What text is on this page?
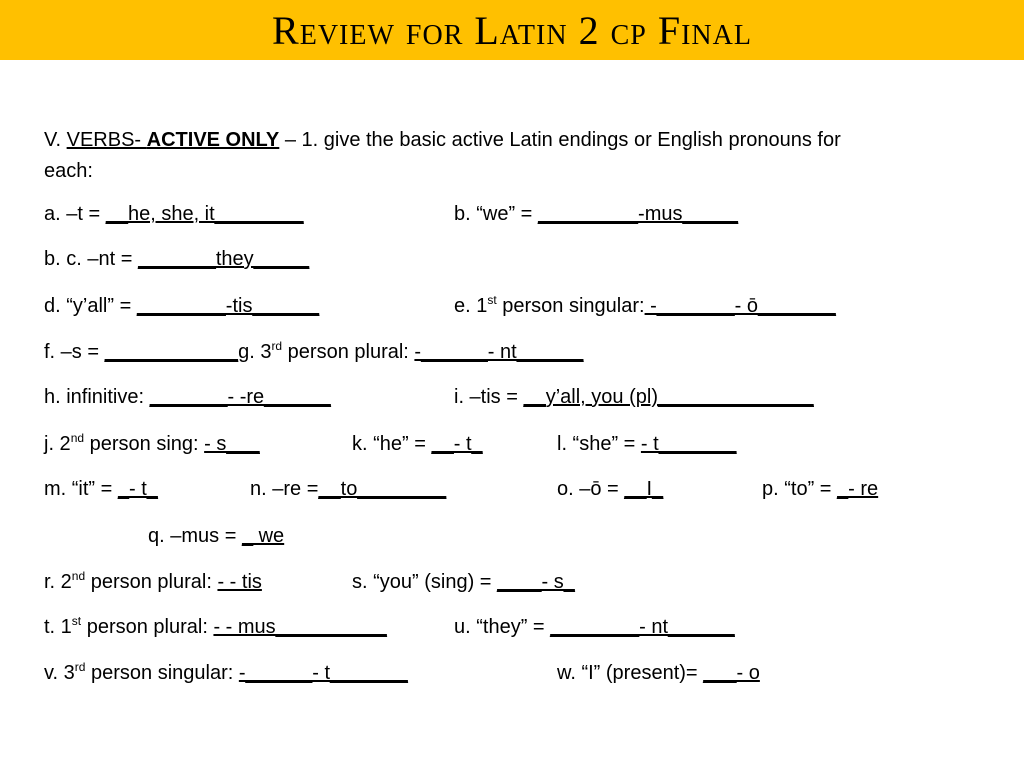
Review for Latin 2 cp Final
V. VERBS- ACTIVE ONLY – 1. give the basic active Latin endings or English pronouns for
each:
a. –t = __he, she, it________	b. “we” = _________-mus_____
b. c. –nt = _______they_____
d. “y’all” = ________-tis______	e. 1st person singular: -_______- ō_______
f. –s = ____________g. 3rd person plural: -______- nt______
h. infinitive: _______- -re______	i. –tis = __y’all, you (pl)______________
j. 2nd person sing: - s___	k. “he” = __- t_	l. “she” = - t_______
m. “it” = _- t_	n. –re =__to________	o. –ō = __I_	p. “to” = _- re
q. –mus = _ we
r. 2nd person plural: - - tis	s. “you” (sing) = ____- s_
t. 1st person plural: - - mus__________	u. “they” = ________- nt______
v. 3rd person singular: -______- t_______	w. “I” (present)= ___- o
